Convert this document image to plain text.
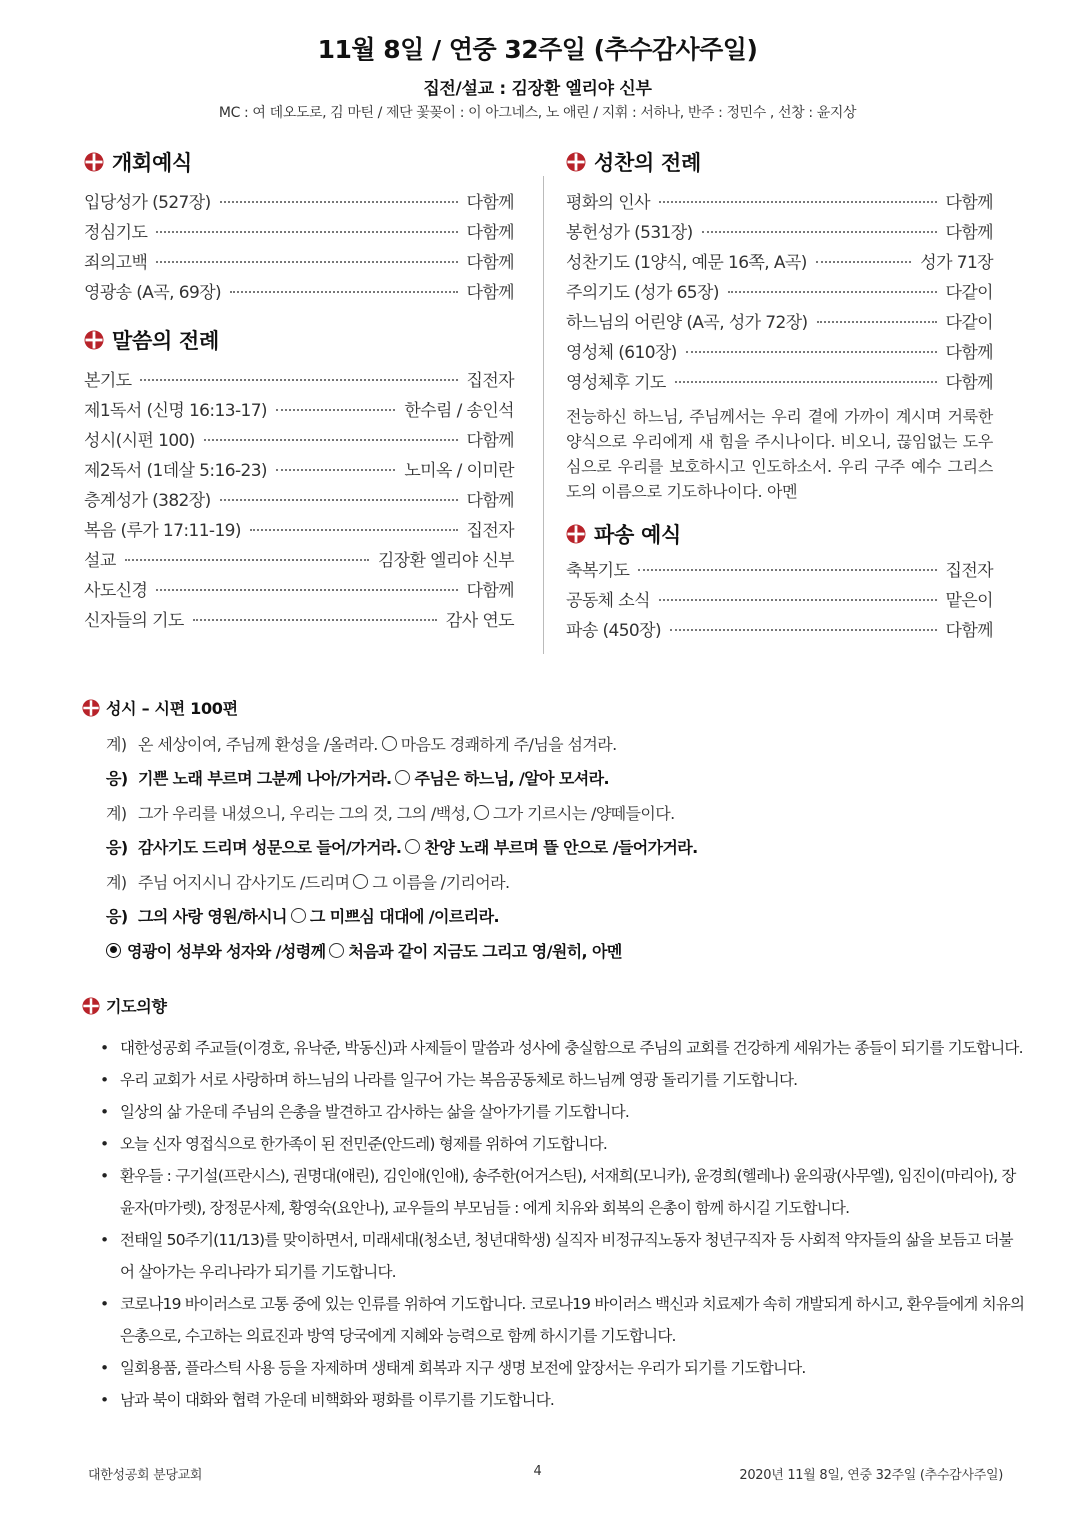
11월 8일 / 연중 32주일 (추수감사주일)
집전/설교 : 김장환 엘리야 신부
MC : 여 데오도로, 김 마틴 / 제단 꽃꽂이 : 이 아그네스, 노 애린 / 지휘 : 서하나, 반주 : 정민수 , 선창 : 윤지상
개회예식
입당성가 (527장)	다함께
정심기도	다함께
죄의고백	다함께
영광송 (A곡, 69장)	다함께
말씀의 전례
본기도	집전자
제1독서 (신명 16:13-17)	한수림 / 송인석
성시(시편 100)	다함께
제2독서 (1데살 5:16-23)	노미옥 / 이미란
층계성가 (382장)	다함께
복음 (루가 17:11-19)	집전자
설교	김장환 엘리야 신부
사도신경	다함께
신자들의 기도	감사 연도
성찬의 전례
평화의 인사	다함께
봉헌성가 (531장)	다함께
성찬기도 (1양식, 예문 16쪽, A곡)	성가 71장
주의기도 (성가 65장)	다같이
하느님의 어린양 (A곡, 성가 72장)	다같이
영성체 (610장)	다함께
영성체후 기도	다함께
전능하신 하느님, 주님께서는 우리 곁에 가까이 계시며 거룩한 양식으로 우리에게 새 힘을 주시나이다. 비오니, 끊임없는 도우심으로 우리를 보호하시고 인도하소서. 우리 구주 예수 그리스도의 이름으로 기도하나이다. 아멘
파송 예식
축복기도	집전자
공동체 소식	맡은이
파송 (450장)	다함께
성시 – 시편 100편
계) 온 세상이여, 주님께 환성을 /올려라. 마음도 경쾌하게 주/님을 섬겨라.
응) 기쁜 노래 부르며 그분께 나아/가거라. 주님은 하느님, /알아 모셔라.
계) 그가 우리를 내셨으니, 우리는 그의 것, 그의 /백성, 그가 기르시는 /양떼들이다.
응) 감사기도 드리며 성문으로 들어/가거라. 찬양 노래 부르며 뜰 안으로 /들어가거라.
계) 주님 어지시니 감사기도 /드리며 그 이름을 /기리어라.
응) 그의 사랑 영원/하시니 그 미쁘심 대대에 /이르리라.
영광이 성부와 성자와 /성령께 처음과 같이 지금도 그리고 영/원히, 아멘
기도의향
• 대한성공회 주교들(이경호, 유낙준, 박동신)과 사제들이 말씀과 성사에 충실함으로 주님의 교회를 건강하게 세워가는 종들이 되기를 기도합니다.
• 우리 교회가 서로 사랑하며 하느님의 나라를 일구어 가는 복음공동체로 하느님께 영광 돌리기를 기도합니다.
• 일상의 삶 가운데 주님의 은총을 발견하고 감사하는 삶을 살아가기를 기도합니다.
• 오늘 신자 영접식으로 한가족이 된 전민준(안드레) 형제를 위하여 기도합니다.
• 환우들 : 구기설(프란시스), 권명대(애린), 김인애(인애), 송주한(어거스틴), 서재희(모니카), 윤경희(헬레나) 윤의광(사무엘), 임진이(마리아), 장윤자(마가렛), 장정문사제, 황영숙(요안나), 교우들의 부모님들 : 에게 치유와 회복의 은총이 함께 하시길 기도합니다.
• 전태일 50주기(11/13)를 맞이하면서, 미래세대(청소년, 청년대학생) 실직자 비정규직노동자 청년구직자 등 사회적 약자들의 삶을 보듬고 더불어 살아가는 우리나라가 되기를 기도합니다.
• 코로나19 바이러스로 고통 중에 있는 인류를 위하여 기도합니다. 코로나19 바이러스 백신과 치료제가 속히 개발되게 하시고, 환우들에게 치유의 은총으로, 수고하는 의료진과 방역 당국에게 지혜와 능력으로 함께 하시기를 기도합니다.
• 일회용품, 플라스틱 사용 등을 자제하며 생태계 회복과 지구 생명 보전에 앞장서는 우리가 되기를 기도합니다.
• 남과 북이 대화와 협력 가운데 비핵화와 평화를 이루기를 기도합니다.
대한성공회 분당교회	4	2020년 11월 8일, 연중 32주일 (추수감사주일)
